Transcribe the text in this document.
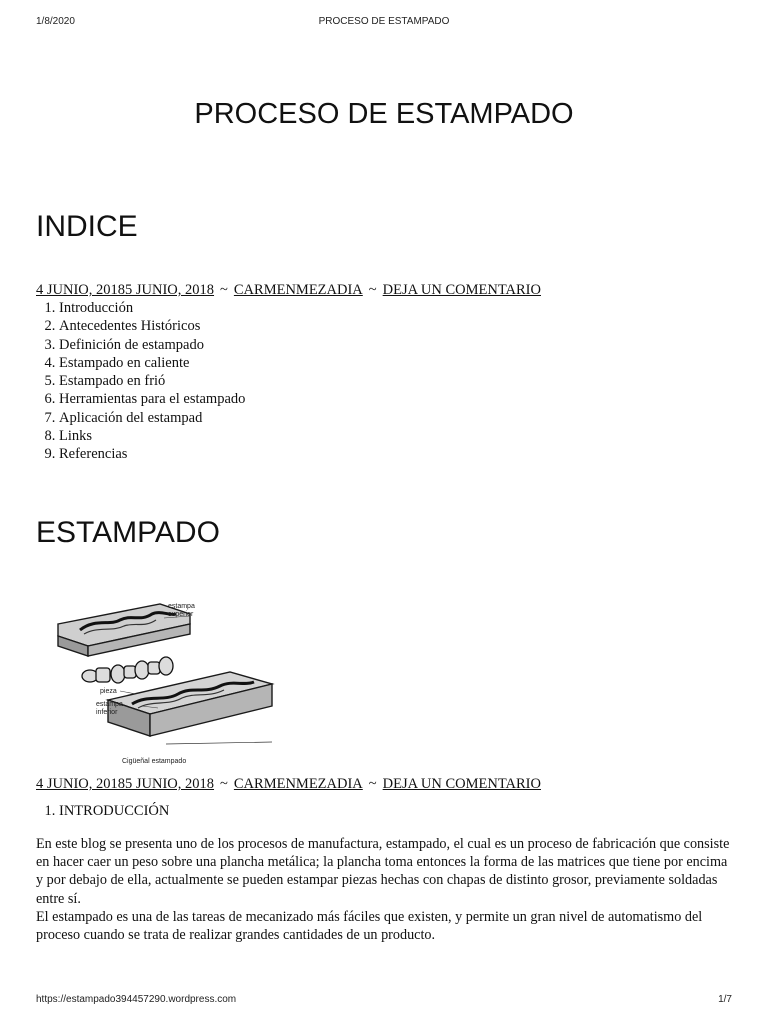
1/8/2020	PROCESO DE ESTAMPADO
PROCESO DE ESTAMPADO
INDICE
4 JUNIO, 20185 JUNIO, 2018 ~ CARMENMEZADIA ~ DEJA UN COMENTARIO
1. Introducción
2. Antecedentes Históricos
3. Definición de estampado
4. Estampado en caliente
5. Estampado en frió
6. Herramientas para el estampado
7. Aplicación del estampad
8. Links
9. Referencias
ESTAMPADO
estampa
superior
pieza
estampa
inferior
Cigüeñal estampado
4 JUNIO, 20185 JUNIO, 2018 ~ CARMENMEZADIA ~ DEJA UN COMENTARIO
1. INTRODUCCIÓN
En este blog se presenta uno de los procesos de manufactura, estampado, el cual es un proceso de fabricación que consiste en hacer caer un peso sobre una plancha metálica; la plancha toma entonces la forma de las matrices que tiene por encima y por debajo de ella, actualmente se pueden estampar piezas hechas con chapas de distinto grosor, previamente soldadas entre sí.
El estampado es una de las tareas de mecanizado más fáciles que existen, y permite un gran nivel de automatismo del proceso cuando se trata de realizar grandes cantidades de un producto.
https://estampado394457290.wordpress.com	1/7
